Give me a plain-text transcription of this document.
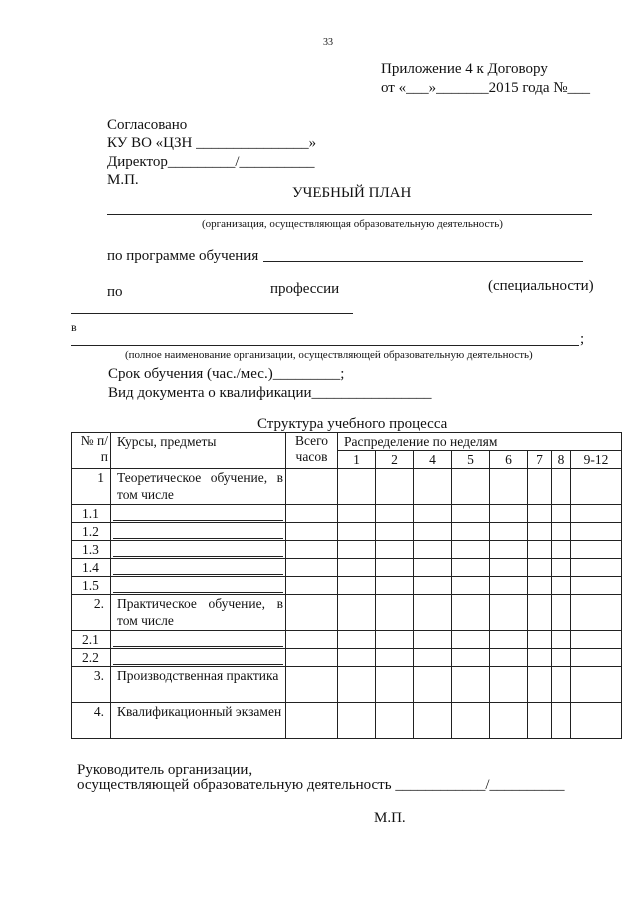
33
Приложение 4 к Договору
от «___»_______2015 года №___
Согласовано
КУ ВО «ЦЗН _______________»
Директор_________/__________
М.П.
УЧЕБНЫЙ ПЛАН
(организация, осуществляющая образовательную деятельность)
по программе обучения
по	профессии	(специальности)
в
;
(полное наименование организации, осуществляющей образовательную деятельность)
Срок обучения (час./мес.)_________;
Вид документа о квалификации________________
Структура учебного процесса
№ п/п	Курсы, предметы	Всего часов	Распределение по неделям							
			1	2	4	5	6	7	8	9-12
1	Теоретическое обучение, в том числе									
1.1	

1.2	

1.3	

1.4	

1.5	

2.	Практическое обучение, в том числе									
2.1	

2.2	

3.	Производственная практика									
4.	Квалификационный экзамен									
Руководитель организации,
осуществляющей образовательную деятельность ____________/__________
М.П.
